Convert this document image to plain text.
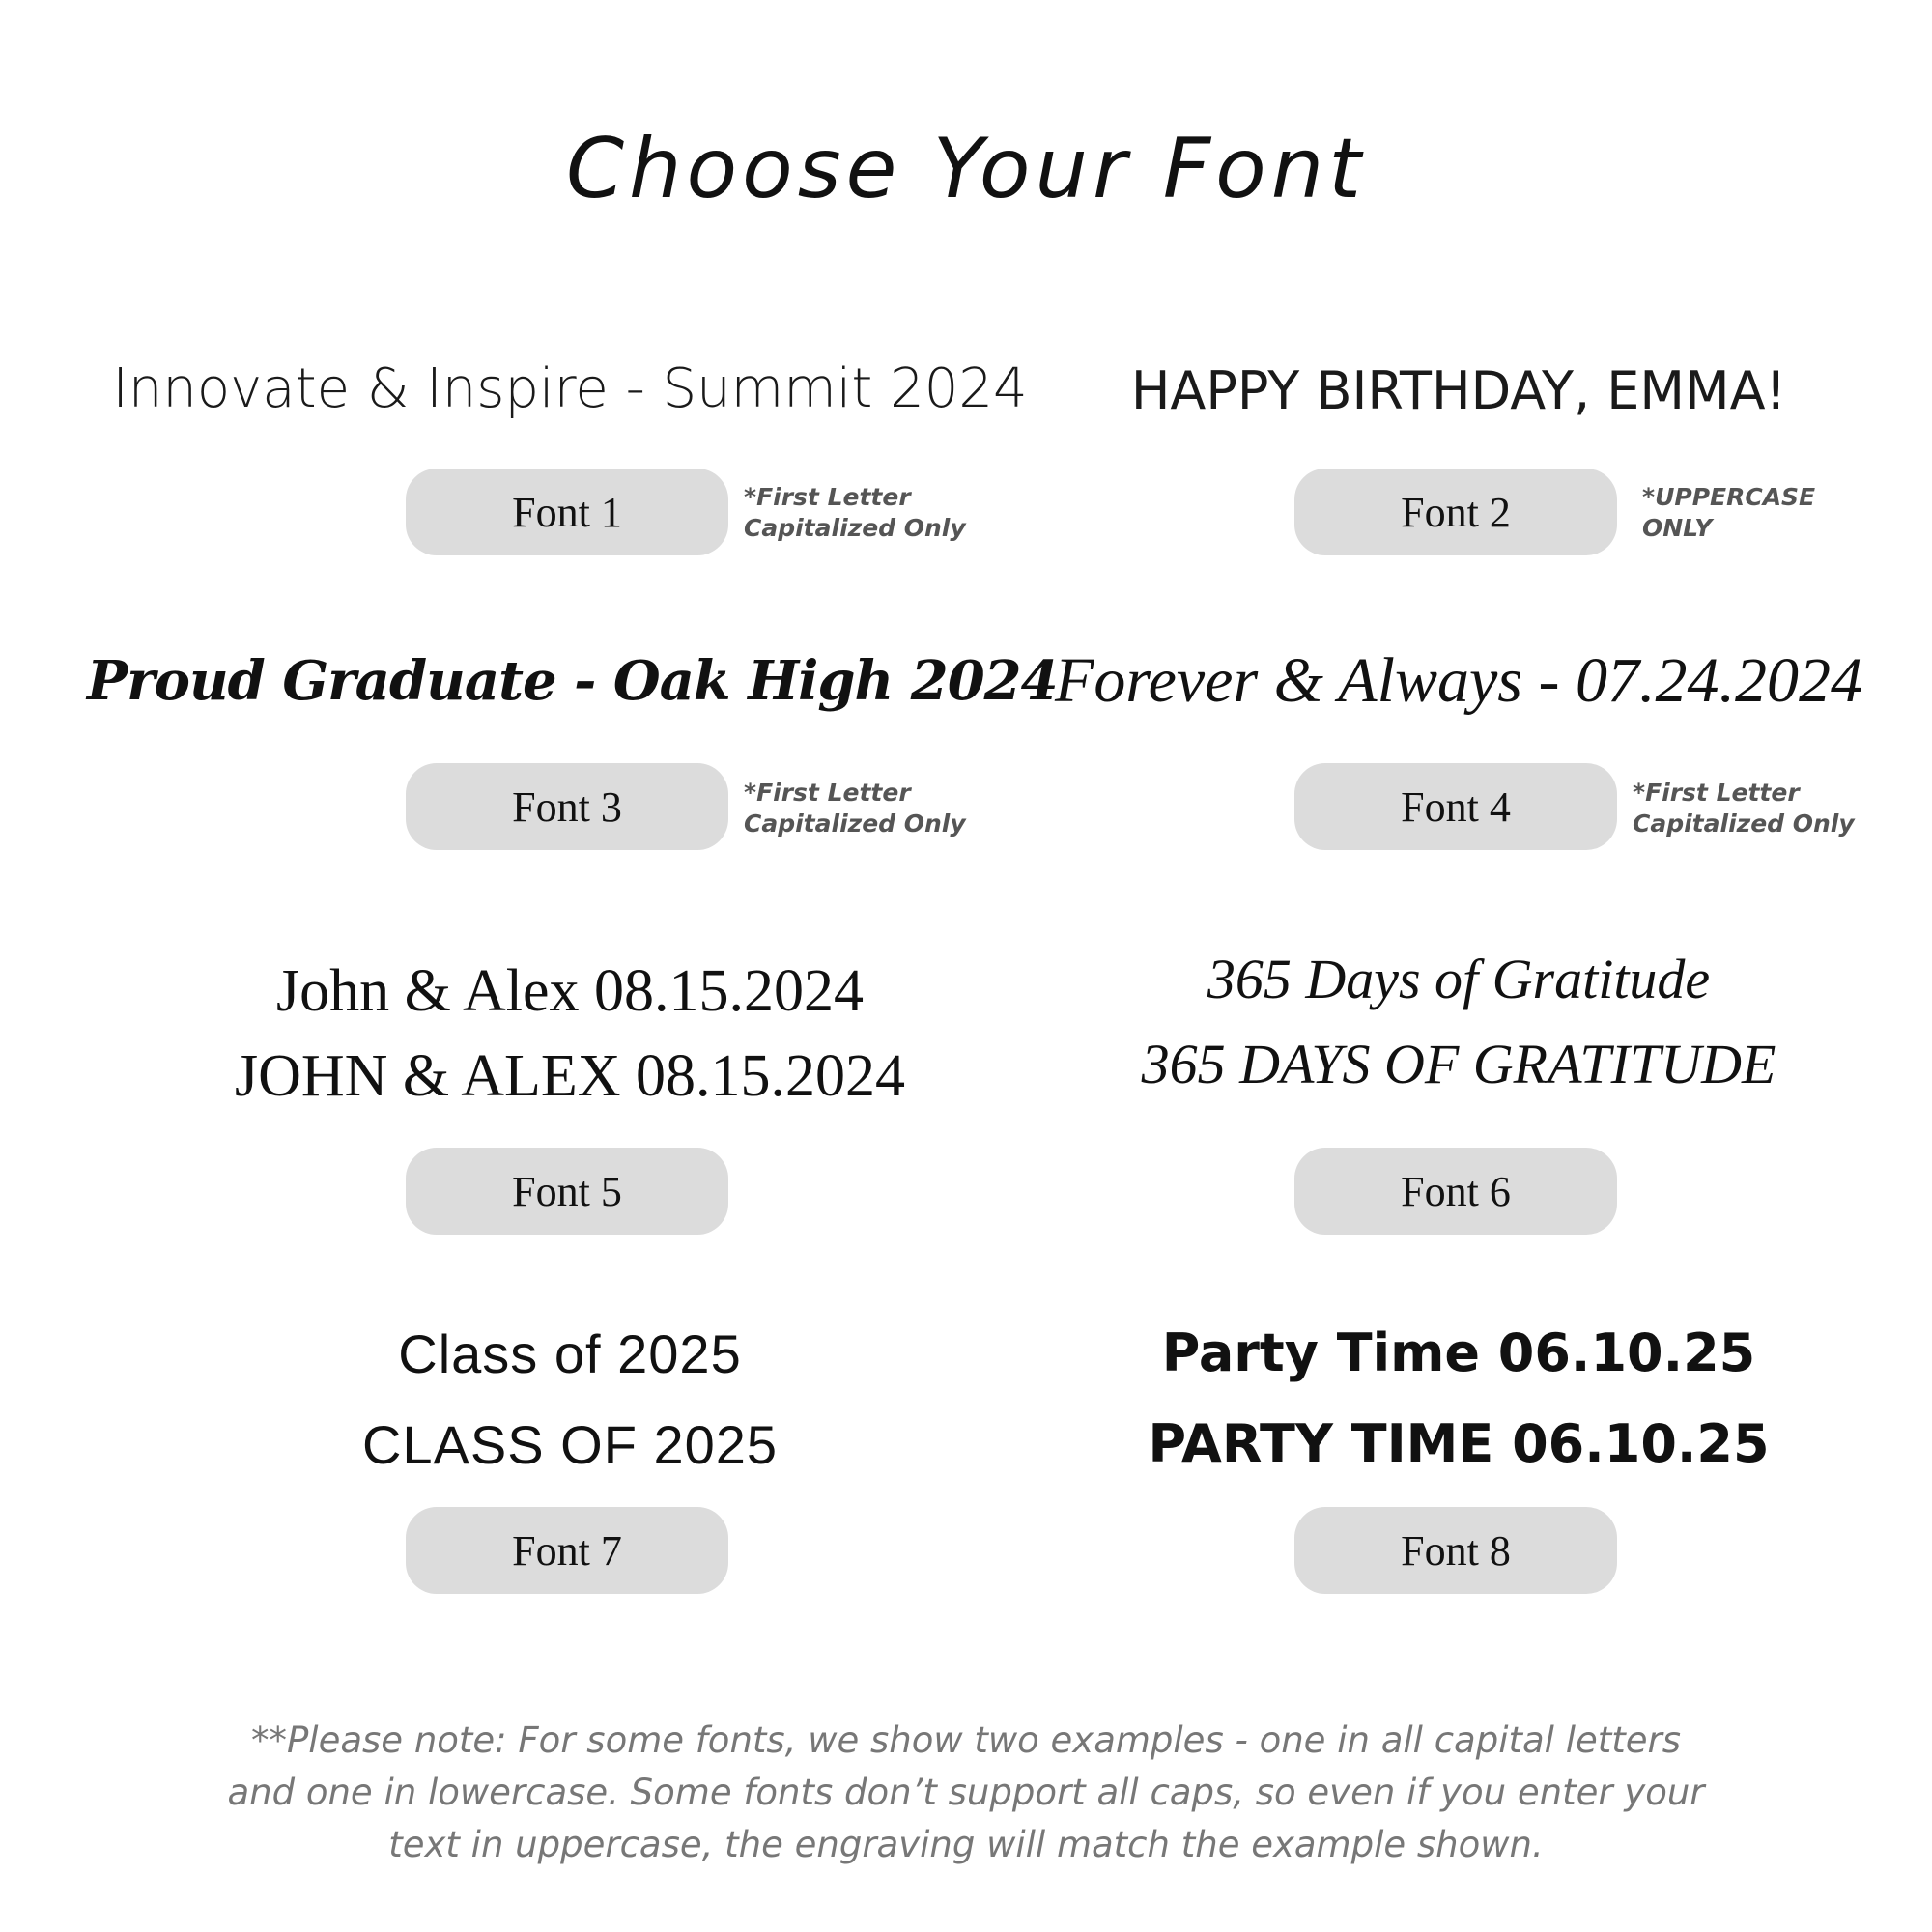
Choose Your Font
Innovate & Inspire - Summit 2024
Font 1	*First Letter
Capitalized Only
HAPPY BIRTHDAY, EMMA!
Font 2	*UPPERCASE
ONLY
Proud Graduate - Oak High 2024
Font 3	*First Letter
Capitalized Only
Forever & Always - 07.24.2024
Font 4	*First Letter
Capitalized Only
John & Alex 08.15.2024
JOHN & ALEX 08.15.2024
Font 5
365 Days of Gratitude
365 DAYS OF GRATITUDE
Font 6
Class of 2025
CLASS OF 2025
Font 7
Party Time 06.10.25
PARTY TIME 06.10.25
Font 8
**Please note: For some fonts, we show two examples - one in all capital letters
and one in lowercase. Some fonts don’t support all caps, so even if you enter your
text in uppercase, the engraving will match the example shown.
